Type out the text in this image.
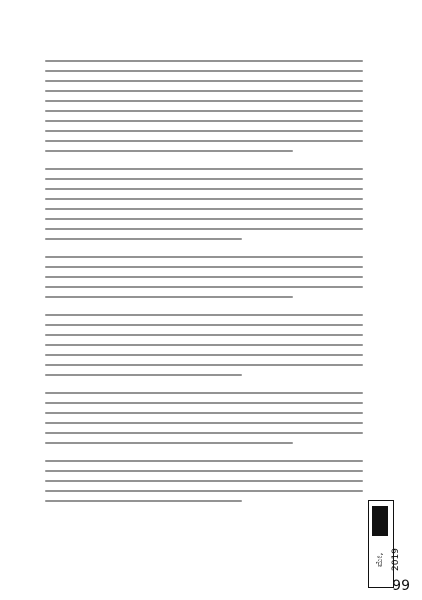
ಮೇ, 2019
99
